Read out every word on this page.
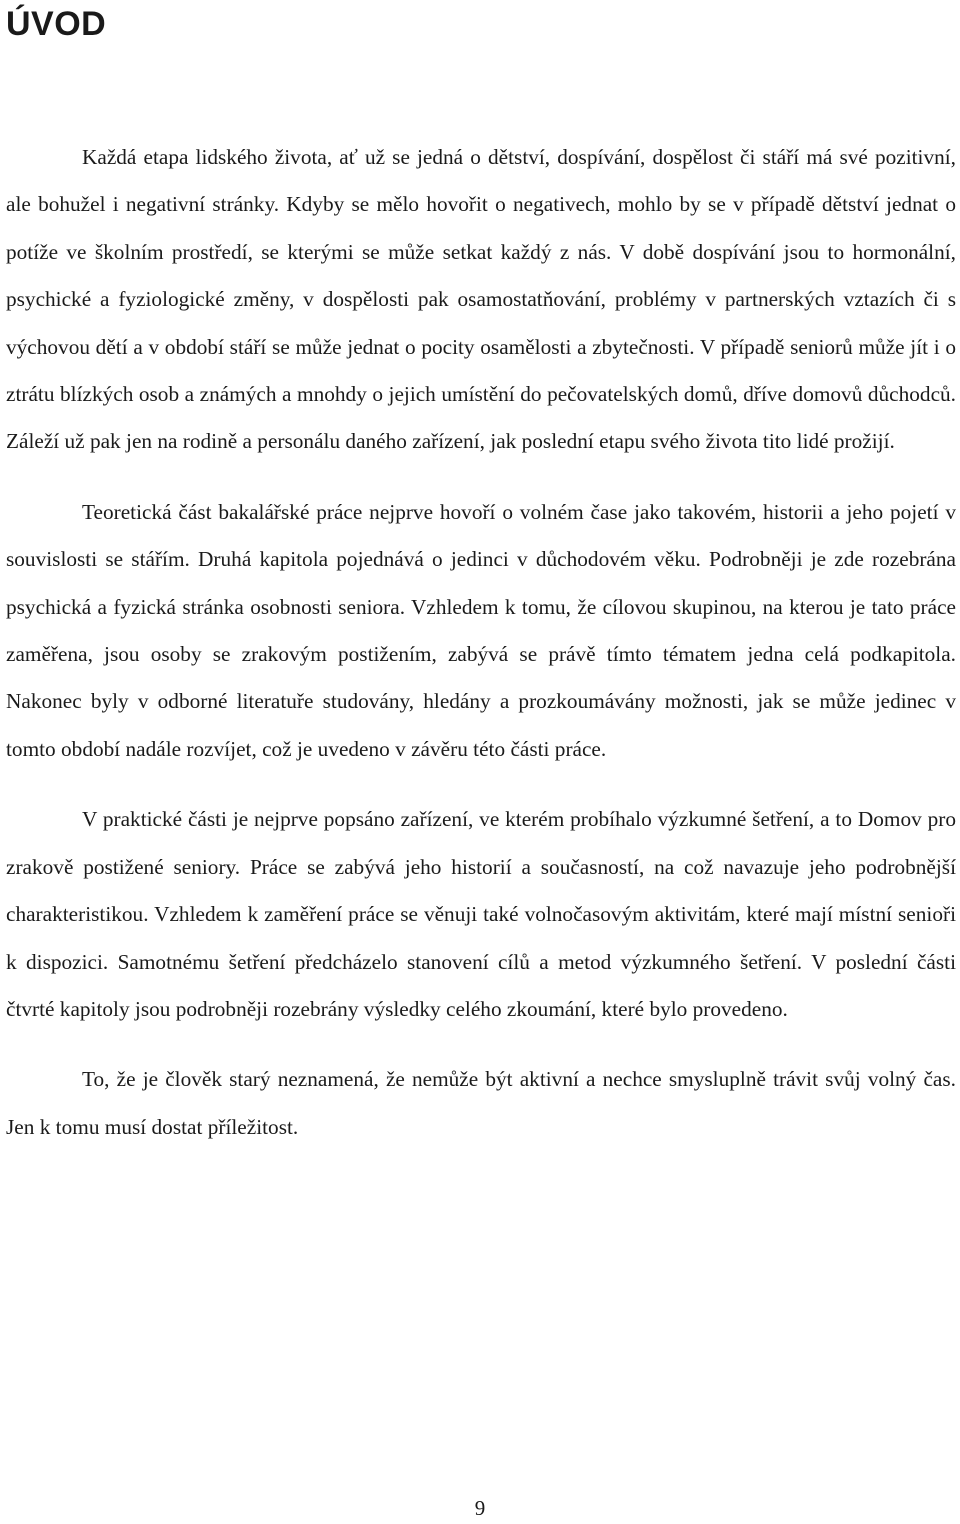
ÚVOD

Každá etapa lidského života, ať už se jedná o dětství, dospívání, dospělost či stáří má své pozitivní, ale bohužel i negativní stránky. Kdyby se mělo hovořit o negativech, mohlo by se v případě dětství jednat o potíže ve školním prostředí, se kterými se může setkat každý z nás. V době dospívání jsou to hormonální, psychické a fyziologické změny, v dospělosti pak osamostatňování, problémy v partnerských vztazích či s výchovou dětí a v období stáří se může jednat o pocity osamělosti a zbytečnosti. V případě seniorů může jít i o ztrátu blízkých osob a známých a mnohdy o jejich umístění do pečovatelských domů, dříve domovů důchodců. Záleží už pak jen na rodině a personálu daného zařízení, jak poslední etapu svého života tito lidé prožijí.

Teoretická část bakalářské práce nejprve hovoří o volném čase jako takovém, historii a jeho pojetí v souvislosti se stářím. Druhá kapitola pojednává o jedinci v důchodovém věku. Podrobněji je zde rozebrána psychická a fyzická stránka osobnosti seniora. Vzhledem k tomu, že cílovou skupinou, na kterou je tato práce zaměřena, jsou osoby se zrakovým postižením, zabývá se právě tímto tématem jedna celá podkapitola. Nakonec byly v odborné literatuře studovány, hledány a prozkoumávány možnosti, jak se může jedinec v tomto období nadále rozvíjet, což je uvedeno v závěru této části práce.

V praktické části je nejprve popsáno zařízení, ve kterém probíhalo výzkumné šetření, a to Domov pro zrakově postižené seniory. Práce se zabývá jeho historií a současností, na což navazuje jeho podrobnější charakteristikou. Vzhledem k zaměření práce se věnuji také volnočasovým aktivitám, které mají místní senioři k dispozici. Samotnému šetření předcházelo stanovení cílů a metod výzkumného šetření. V poslední části čtvrté kapitoly jsou podrobněji rozebrány výsledky celého zkoumání, které bylo provedeno.

To, že je člověk starý neznamená, že nemůže být aktivní a nechce smysluplně trávit svůj volný čas. Jen k tomu musí dostat příležitost.

9
